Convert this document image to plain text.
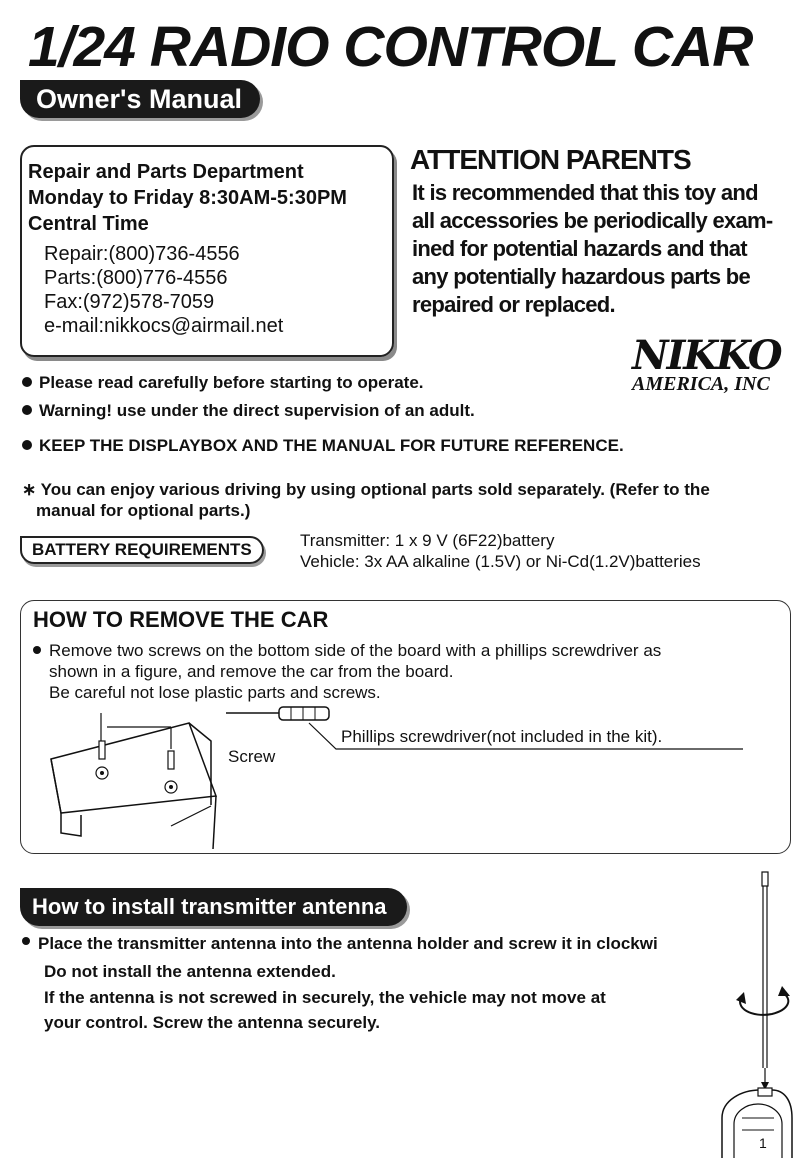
1/24 RADIO CONTROL CAR
Owner's Manual
Repair and Parts Department
Monday to Friday 8:30AM-5:30PM
Central Time
Repair:(800)736-4556
Parts:(800)776-4556
Fax:(972)578-7059
e-mail:nikkocs@airmail.net
ATTENTION PARENTS
It is recommended that this toy and
all accessories be periodically exam-
ined for potential hazards and that
any potentially hazardous parts be
repaired or replaced.
NIKKO
AMERICA, INC
Please read carefully before starting to operate.
Warning! use under the direct supervision of an adult.
KEEP THE DISPLAYBOX AND THE MANUAL FOR FUTURE REFERENCE.
∗ You can enjoy various driving by using optional parts sold separately. (Refer to the
manual for optional parts.)
BATTERY REQUIREMENTS	Transmitter: 1 x 9 V (6F22)battery
Vehicle: 3x AA alkaline (1.5V) or Ni-Cd(1.2V)batteries
HOW TO REMOVE THE CAR
Remove two screws on the bottom side of the board with a phillips screwdriver as
shown in a figure, and remove the car from the board.
Be careful not lose plastic parts and screws.
Phillips screwdriver(not included in the kit).
Screw
How to install transmitter antenna
Place the transmitter antenna into the antenna holder and screw it in clockwi
Do not install the antenna extended.
If the antenna is not screwed in securely, the vehicle may not move at
your control. Screw the antenna securely.
1
